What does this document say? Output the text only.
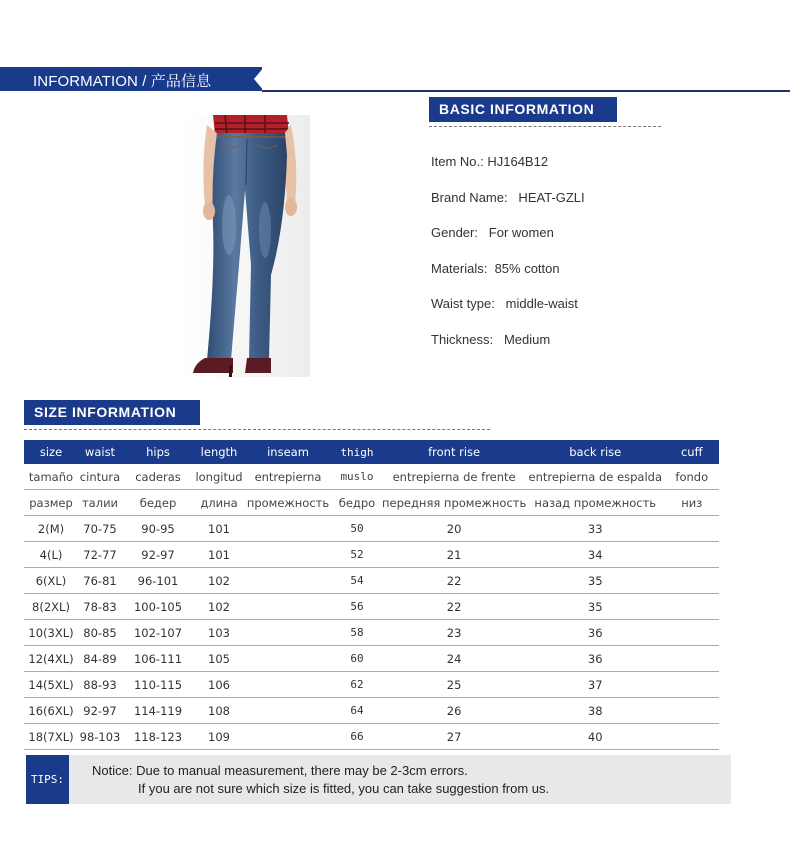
INFORMATION / 产品信息
BASIC INFORMATION
Item No.: HJ164B12
Brand Name:   HEAT-GZLI
Gender:   For women
Materials:  85% cotton
Waist type:   middle-waist
Thickness:   Medium
SIZE INFORMATION
size	waist	hips	length	inseam	thigh	front rise	back rise	cuff
tamaño	cintura	caderas	longitud	entrepierna	muslo	entrepierna de frente	entrepierna de espalda	fondo
размер	талии	бедер	длина	промежность	бедро	передняя промежность	назад промежность	низ
2(M)	70-75	90-95	101		50	20	33	
4(L)	72-77	92-97	101		52	21	34	
6(XL)	76-81	96-101	102		54	22	35	
8(2XL)	78-83	100-105	102		56	22	35	
10(3XL)	80-85	102-107	103		58	23	36	
12(4XL)	84-89	106-111	105		60	24	36	
14(5XL)	88-93	110-115	106		62	25	37	
16(6XL)	92-97	114-119	108		64	26	38	
18(7XL)	98-103	118-123	109		66	27	40	
TIPS:
Notice: Due to manual measurement, there may be 2-3cm errors.
If you are not sure which size is fitted, you can take suggestion from us.
